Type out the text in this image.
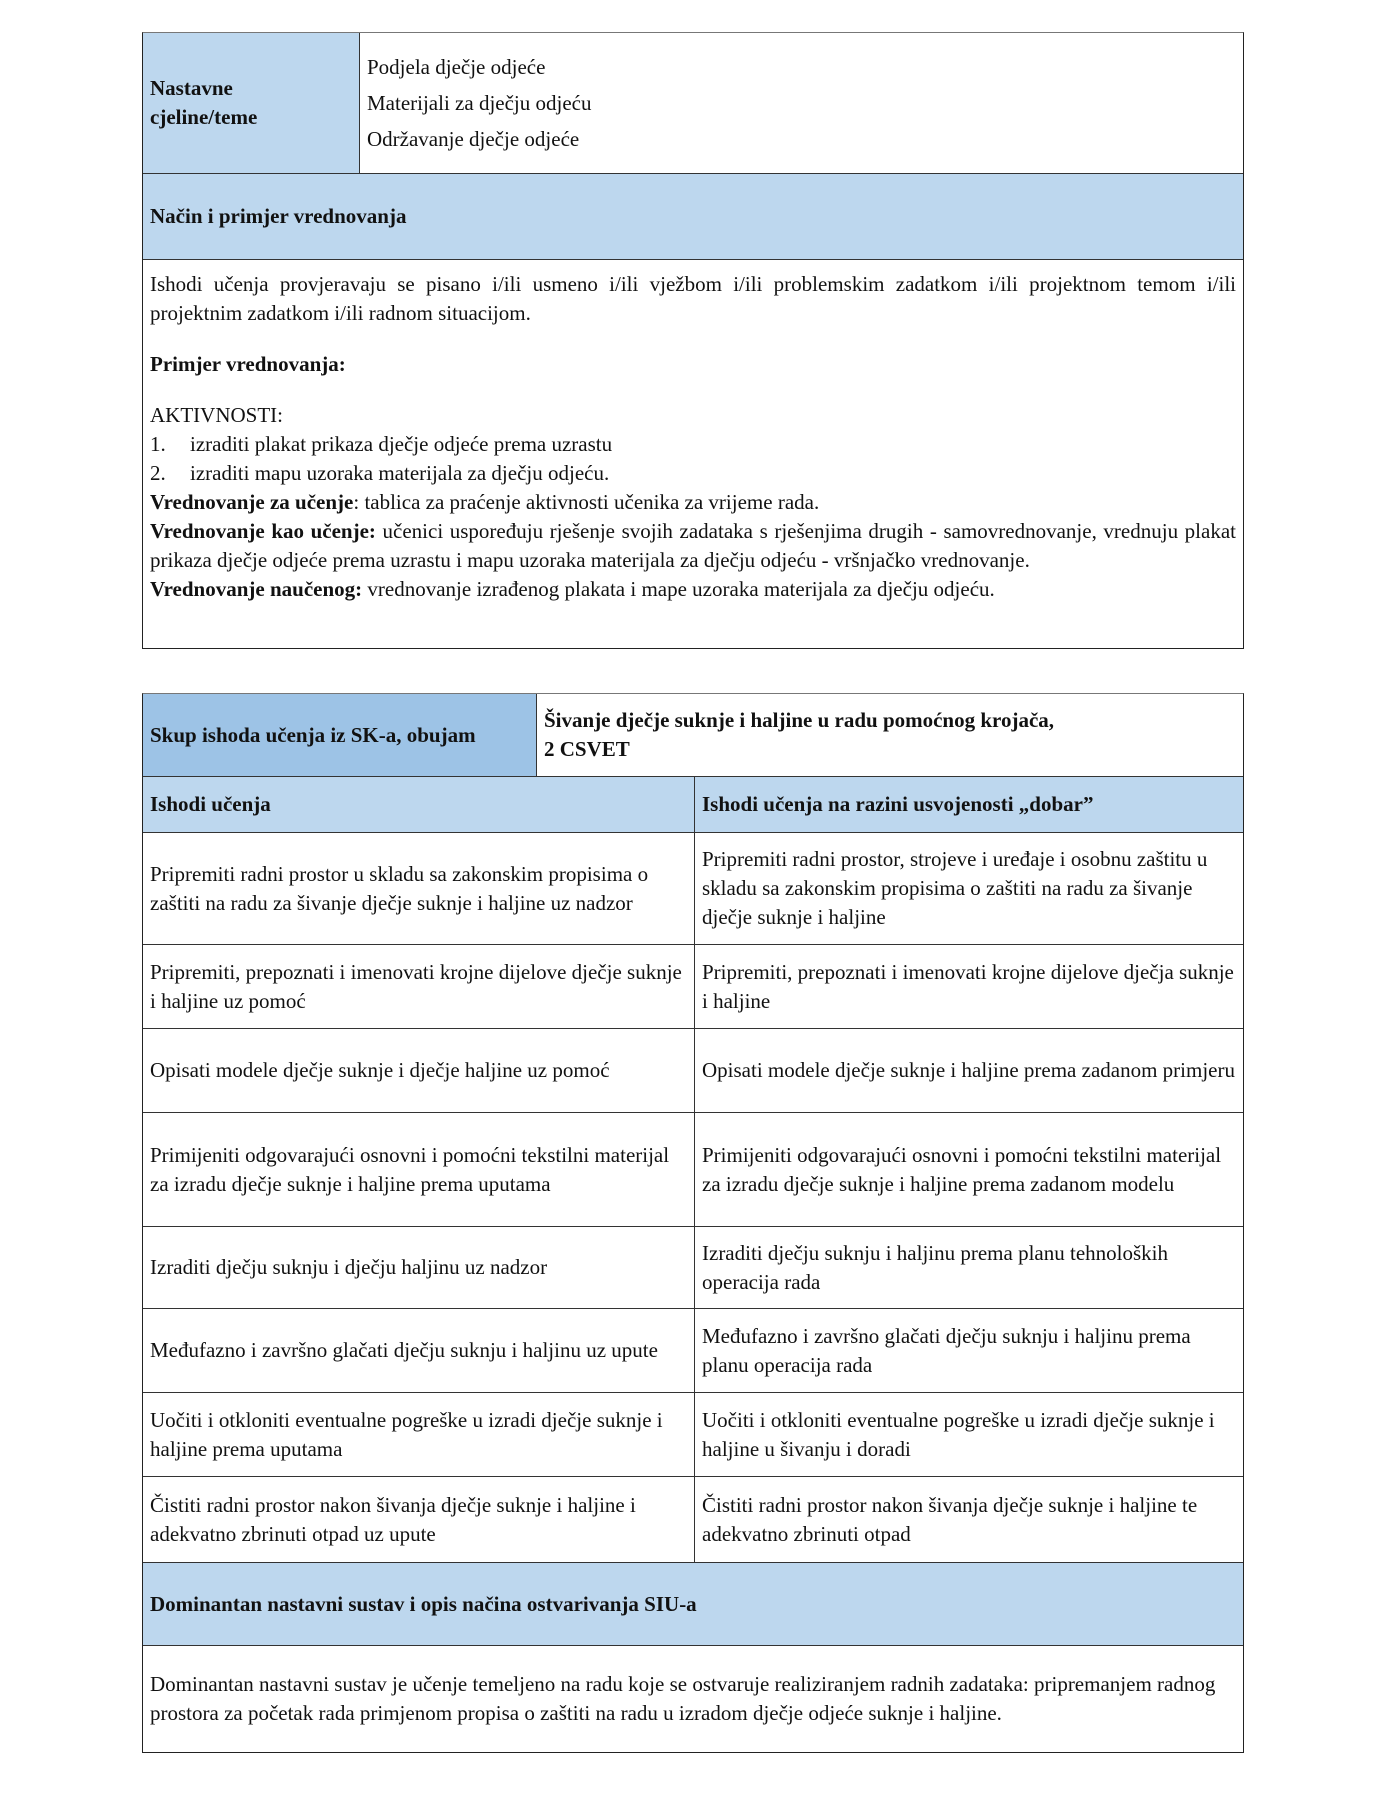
Nastavne cjeline/teme
Podjela dječje odjeće
Materijali za dječju odjeću
Održavanje dječje odjeće
Način i primjer vrednovanja
Ishodi učenja provjeravaju se pisano i/ili usmeno i/ili vježbom i/ili problemskim zadatkom i/ili projektnom temom i/ili projektnim zadatkom i/ili radnom situacijom.
Primjer vrednovanja:
AKTIVNOSTI:
1. izraditi plakat prikaza dječje odjeće prema uzrastu
2. izraditi mapu uzoraka materijala za dječju odjeću.
Vrednovanje za učenje: tablica za praćenje aktivnosti učenika za vrijeme rada.
Vrednovanje kao učenje: učenici uspoređuju rješenje svojih zadataka s rješenjima drugih - samovrednovanje, vrednuju plakat prikaza dječje odjeće prema uzrastu i mapu uzoraka materijala za dječju odjeću - vršnjačko vrednovanje.
Vrednovanje naučenog: vrednovanje izrađenog plakata i mape uzoraka materijala za dječju odjeću.
Skup ishoda učenja iz SK-a, obujam
Šivanje dječje suknje i haljine u radu pomoćnog krojača,
2 CSVET
Ishodi učenja	Ishodi učenja na razini usvojenosti „dobar”
Pripremiti radni prostor u skladu sa zakonskim propisima o zaštiti na radu za šivanje dječje suknje i haljine uz nadzor
Pripremiti radni prostor, strojeve i uređaje i osobnu zaštitu u skladu sa zakonskim propisima o zaštiti na radu za šivanje dječje suknje i haljine
Pripremiti, prepoznati i imenovati krojne dijelove dječje suknje i haljine uz pomoć
Pripremiti, prepoznati i imenovati krojne dijelove dječja suknje i haljine
Opisati modele dječje suknje i dječje haljine uz pomoć	Opisati modele dječje suknje i haljine prema zadanom primjeru
Primijeniti odgovarajući osnovni i pomoćni tekstilni materijal za izradu dječje suknje i haljine prema uputama
Primijeniti odgovarajući osnovni i pomoćni tekstilni materijal za izradu dječje suknje i haljine prema zadanom modelu
Izraditi dječju suknju i dječju haljinu uz nadzor
Izraditi dječju suknju i haljinu prema planu tehnoloških operacija rada
Međufazno i završno glačati dječju suknju i haljinu uz upute
Međufazno i završno glačati dječju suknju i haljinu prema planu operacija rada
Uočiti i otkloniti eventualne pogreške u izradi dječje suknje i haljine prema uputama
Uočiti i otkloniti eventualne pogreške u izradi dječje suknje i haljine u šivanju i doradi
Čistiti radni prostor nakon šivanja dječje suknje i haljine i adekvatno zbrinuti otpad uz upute
Čistiti radni prostor nakon šivanja dječje suknje i haljine te adekvatno zbrinuti otpad
Dominantan nastavni sustav i opis načina ostvarivanja SIU-a
Dominantan nastavni sustav je učenje temeljeno na radu koje se ostvaruje realiziranjem radnih zadataka: pripremanjem radnog prostora za početak rada primjenom propisa o zaštiti na radu u izradom dječje odjeće suknje i haljine.
